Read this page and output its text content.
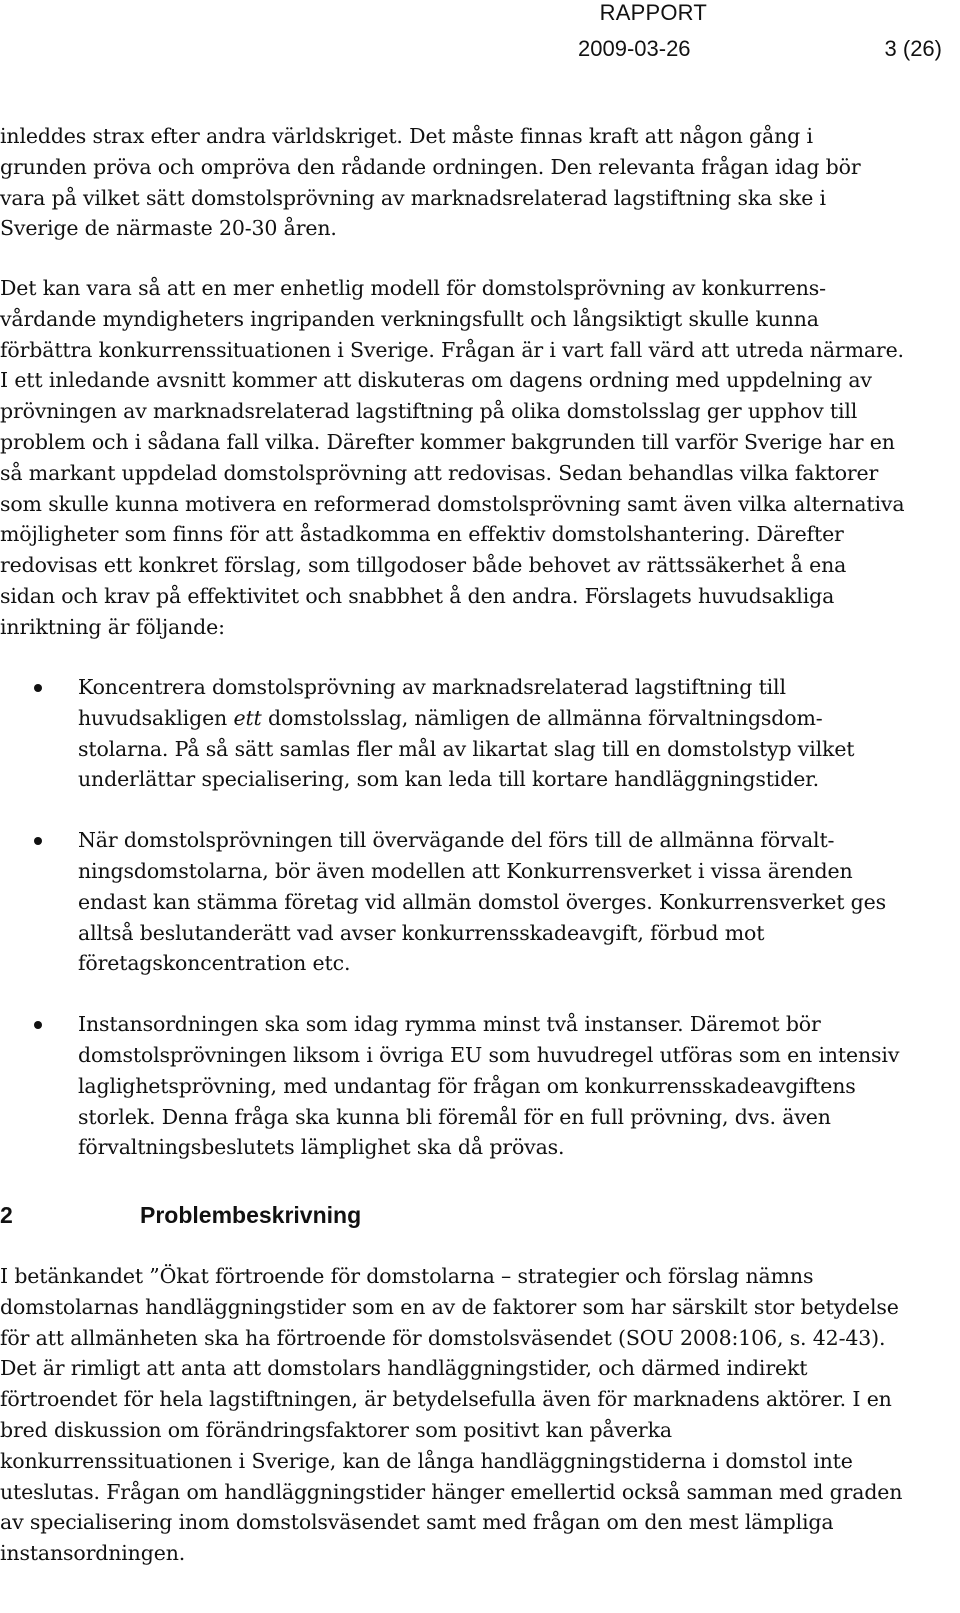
RAPPORT
2009-03-26	3 (26)

inleddes strax efter andra världskriget. Det måste finnas kraft att någon gång i grunden pröva och ompröva den rådande ordningen. Den relevanta frågan idag bör vara på vilket sätt domstolsprövning av marknadsrelaterad lagstiftning ska ske i Sverige de närmaste 20-30 åren.

Det kan vara så att en mer enhetlig modell för domstolsprövning av konkurrensvårdande myndigheters ingripanden verkningsfullt och långsiktigt skulle kunna förbättra konkurrenssituationen i Sverige. Frågan är i vart fall värd att utreda närmare. I ett inledande avsnitt kommer att diskuteras om dagens ordning med uppdelning av prövningen av marknadsrelaterad lagstiftning på olika domstolsslag ger upphov till problem och i sådana fall vilka. Därefter kommer bakgrunden till varför Sverige har en så markant uppdelad domstolsprövning att redovisas. Sedan behandlas vilka faktorer som skulle kunna motivera en reformerad domstolsprövning samt även vilka alternativa möjligheter som finns för att åstadkomma en effektiv domstolshantering. Därefter redovisas ett konkret förslag, som tillgodoser både behovet av rättssäkerhet å ena sidan och krav på effektivitet och snabbhet å den andra. Förslagets huvudsakliga inriktning är följande:

Koncentrera domstolsprövning av marknadsrelaterad lagstiftning till huvudsakligen ett domstolsslag, nämligen de allmänna förvaltningsdomstolarna. På så sätt samlas fler mål av likartat slag till en domstolstyp vilket underlättar specialisering, som kan leda till kortare handläggningstider.
När domstolsprövningen till övervägande del förs till de allmänna förvaltningsdomstolarna, bör även modellen att Konkurrensverket i vissa ärenden endast kan stämma företag vid allmän domstol överges. Konkurrensverket ges alltså beslutanderätt vad avser konkurrensskadeavgift, förbud mot företagskoncentration etc.
Instansordningen ska som idag rymma minst två instanser. Däremot bör domstolsprövningen liksom i övriga EU som huvudregel utföras som en intensiv laglighetsprövning, med undantag för frågan om konkurrensskadeavgiftens storlek. Denna fråga ska kunna bli föremål för en full prövning, dvs. även förvaltningsbeslutets lämplighet ska då prövas.
2	Problembeskrivning

I betänkandet ”Ökat förtroende för domstolarna – strategier och förslag nämns domstolarnas handläggningstider som en av de faktorer som har särskilt stor betydelse för att allmänheten ska ha förtroende för domstolsväsendet (SOU 2008:106, s. 42-43). Det är rimligt att anta att domstolars handläggningstider, och därmed indirekt förtroendet för hela lagstiftningen, är betydelsefulla även för marknadens aktörer. I en bred diskussion om förändringsfaktorer som positivt kan påverka konkurrenssituationen i Sverige, kan de långa handläggningstiderna i domstol inte uteslutas. Frågan om handläggningstider hänger emellertid också samman med graden av specialisering inom domstolsväsendet samt med frågan om den mest lämpliga instansordningen.
